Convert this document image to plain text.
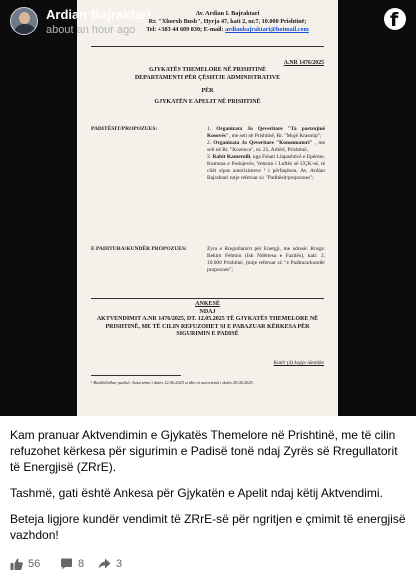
Av. Ardian I. Bajraktari
Rr. "Xhorxh Bush", Hyrja 47, kati 2, nr.7, 10.000 Prishtinë;
Tel: +383 44 609 830; E-mail: ardianbajraktari@hotmail.com
A.NR 1476/2025
GJYKATËS THEMELORE NË PRISHTINË
DEPARTAMENTI PËR ÇËSHTJE ADMINISTRATIVE
PËR
GJYKATËN E APELIT NË PRISHTINË
PADITËSIT/PROPOZUES:	1. Organizata Jo Qeveritare "Ta pastrojmë Kosovës", me seli në Prishtinë, Rr. "Mujë Krasniqi";
2. Organizata Jo Qeveritare "Konsumatori" , me seli në Rr. "Kozenca", nr. 25, Arbëri, Prishtinë,
3. Rabit Kamerolli, nga Fshati Llapashticë e Epërme, Komuna e Podujevës, Veteran i Luftës së UÇK-së, të cilët sipas autorizimeve ¹ i përfaqëson, Av. Ardian Bajraktari tutje referuar si: "Paditësit/propozues";
E PADITURA/KUNDËR PROPOZUES:	Zyra e Rregullatorit për Energji, me adresë: Rruga: Bekim Fehmiu (Ish Ndërtesa e Fazitës), kati: 2, 10.000 Prishtinë, (tutje referuar si: "e Paditura/kundër propozues";
ANKESË
NDAJ
AKTVENDIMIT A.NR 1476/2025, DT. 12.05.2025 TË GJYKATËS THEMELORE NË PRISHTINË, ME TË CILIN REFUZOHET SI E PABAZUAR KËRKESA PËR SIGURIMIN E PADISË
Katër (4) kopje identike
¹ Bashkëlidhur padisë: Autorizimi i datës 12.06.2025 si dhe ai autorizimi i datës 29.04.2025.
Ardian Bajraktari
about an hour ago	f

Kam pranuar Aktvendimin e Gjykatës Themelore në Prishtinë, me të cilin refuzohet kërkesa për sigurimin e Padisë tonë ndaj Zyrës së Rregullatorit të Energjisë (ZRrE).

Tashmë, gati është Ankesa për Gjykatën e Apelit ndaj këtij Aktvendimi.

Beteja ligjore kundër vendimit të ZRrE-së për ngritjen e çmimit të energjisë vazhdon!

56	8	3
